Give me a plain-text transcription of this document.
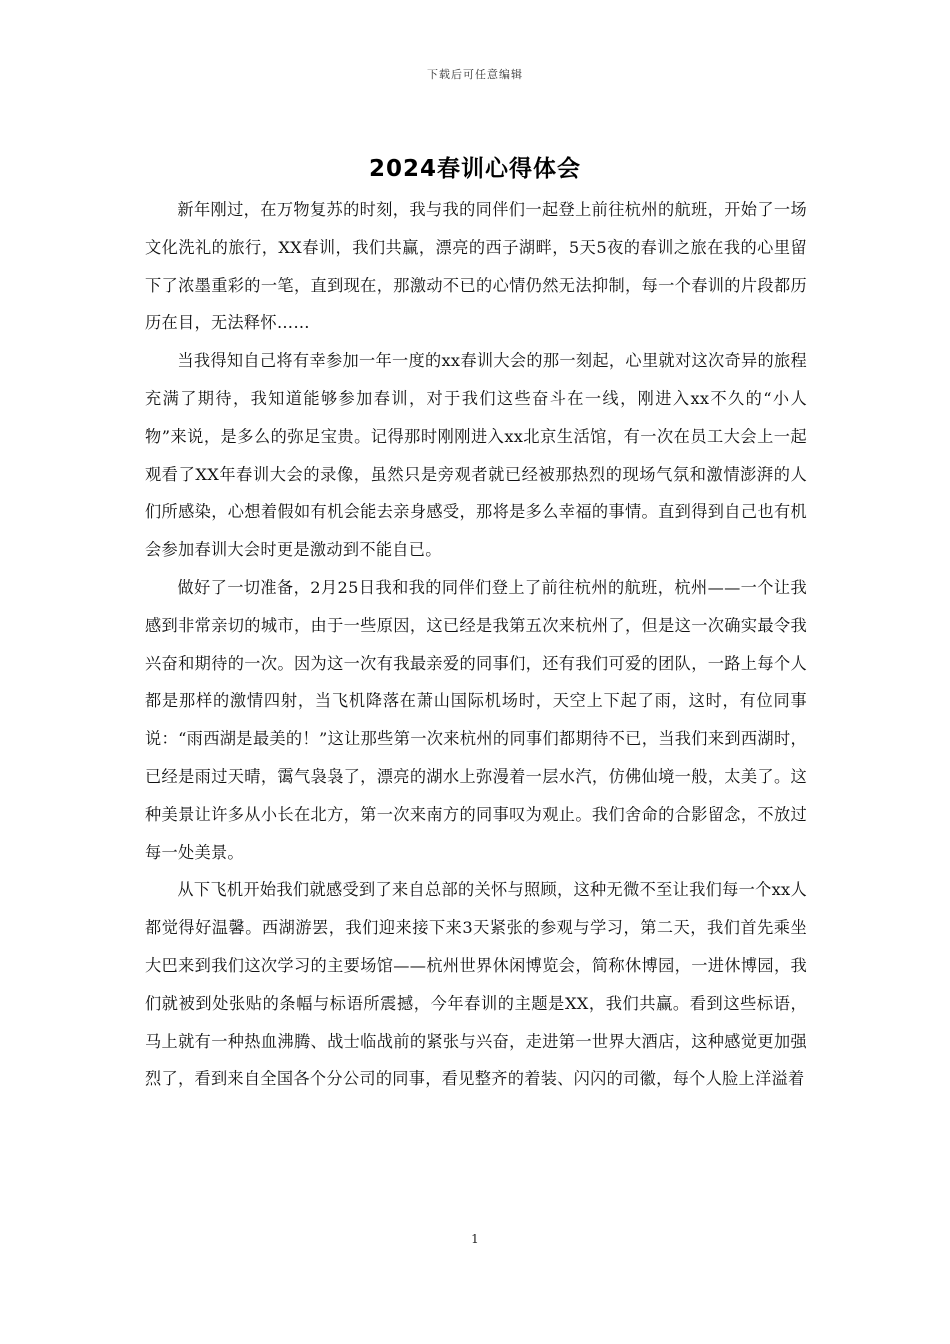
下载后可任意编辑
2024春训心得体会

新年刚过，在万物复苏的时刻，我与我的同伴们一起登上前往杭州的航班，开始了一场文化洗礼的旅行，XX春训，我们共赢，漂亮的西子湖畔，5天5夜的春训之旅在我的心里留下了浓墨重彩的一笔，直到现在，那激动不已的心情仍然无法抑制，每一个春训的片段都历历在目，无法释怀……

当我得知自己将有幸参加一年一度的xx春训大会的那一刻起，心里就对这次奇异的旅程充满了期待，我知道能够参加春训，对于我们这些奋斗在一线，刚进入xx不久的“小人物”来说，是多么的弥足宝贵。记得那时刚刚进入xx北京生活馆，有一次在员工大会上一起观看了XX年春训大会的录像，虽然只是旁观者就已经被那热烈的现场气氛和激情澎湃的人们所感染，心想着假如有机会能去亲身感受，那将是多么幸福的事情。直到得到自己也有机会参加春训大会时更是激动到不能自已。

做好了一切准备，2月25日我和我的同伴们登上了前往杭州的航班，杭州——一个让我感到非常亲切的城市，由于一些原因，这已经是我第五次来杭州了，但是这一次确实最令我兴奋和期待的一次。因为这一次有我最亲爱的同事们，还有我们可爱的团队，一路上每个人都是那样的激情四射，当飞机降落在萧山国际机场时，天空上下起了雨，这时，有位同事说：“雨西湖是最美的！”这让那些第一次来杭州的同事们都期待不已，当我们来到西湖时，已经是雨过天晴，霭气袅袅了，漂亮的湖水上弥漫着一层水汽，仿佛仙境一般，太美了。这种美景让许多从小长在北方，第一次来南方的同事叹为观止。我们舍命的合影留念，不放过每一处美景。

从下飞机开始我们就感受到了来自总部的关怀与照顾，这种无微不至让我们每一个xx人都觉得好温馨。西湖游罢，我们迎来接下来3天紧张的参观与学习，第二天，我们首先乘坐大巴来到我们这次学习的主要场馆——杭州世界休闲博览会，简称休博园，一进休博园，我们就被到处张贴的条幅与标语所震撼，今年春训的主题是XX，我们共赢。看到这些标语，马上就有一种热血沸腾、战士临战前的紧张与兴奋，走进第一世界大酒店，这种感觉更加强烈了，看到来自全国各个分公司的同事，看见整齐的着装、闪闪的司徽，每个人脸上洋溢着

1
